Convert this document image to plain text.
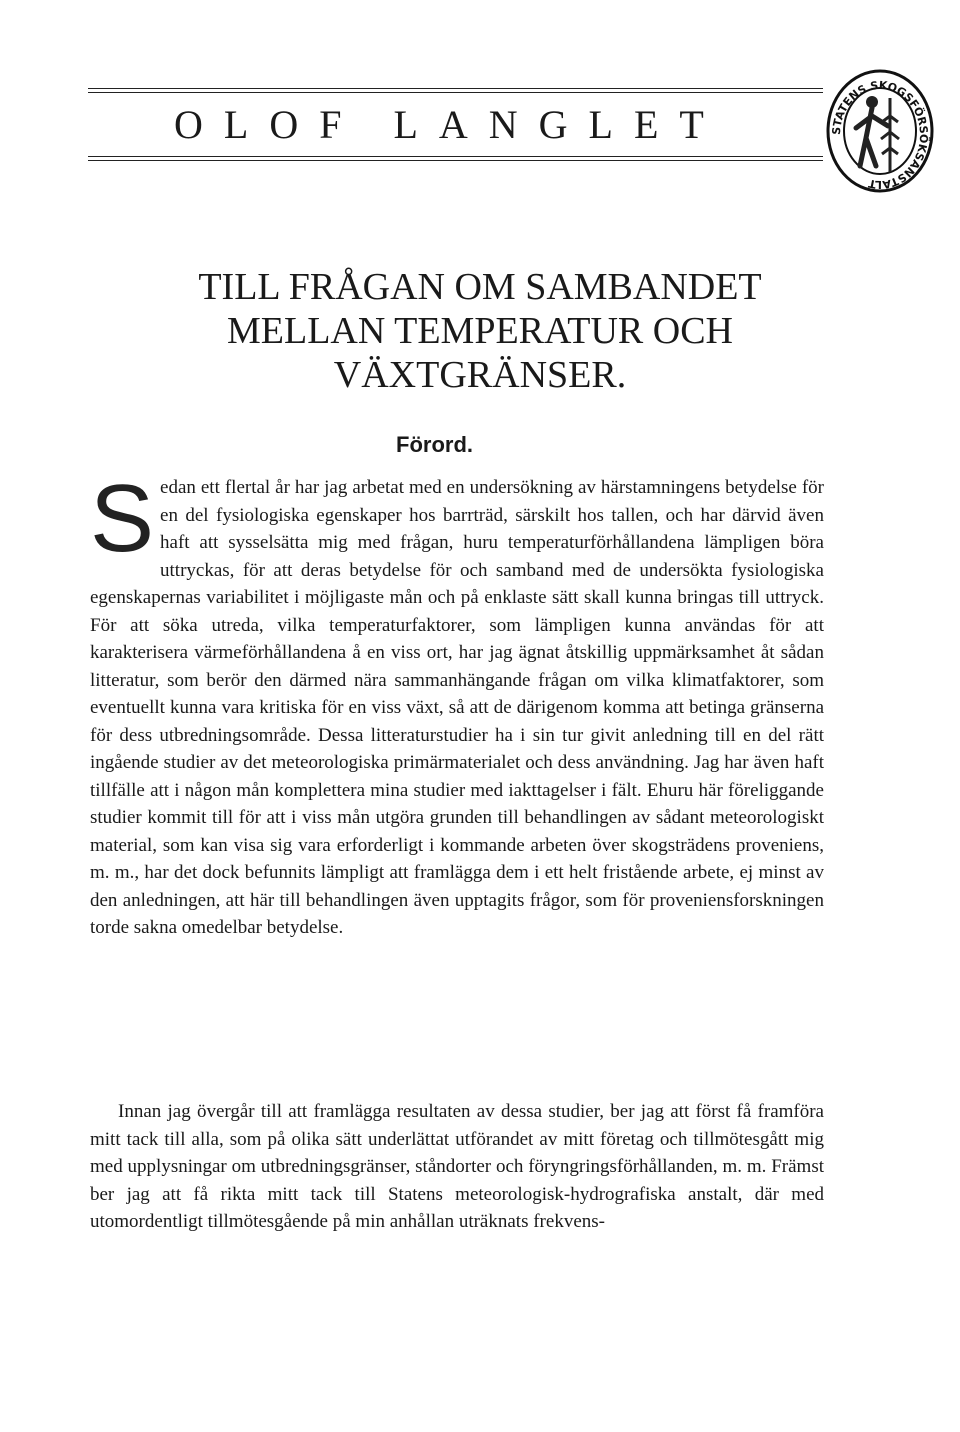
OLOF LANGLET	STATENS SKOGSFÖRSÖKSANSTALT
TILL FRÅGAN OM SAMBANDET
MELLAN TEMPERATUR OCH
VÄXTGRÄNSER.
Förord.

S edan ett flertal år har jag arbetat med en undersökning av härstamningens betydelse för en del fysiologiska egenskaper hos barrträd, särskilt hos tallen, och har därvid även haft att sysselsätta mig med frågan, huru temperaturförhållandena lämpligen böra uttryckas, för att deras betydelse för och samband med de undersökta fysiologiska egenskapernas variabilitet i möjligaste mån och på enklaste sätt skall kunna bringas till uttryck. För att söka utreda, vilka temperaturfaktorer, som lämpligen kunna användas för att karakterisera värmeförhållandena å en viss ort, har jag ägnat åtskillig uppmärksamhet åt sådan litteratur, som berör den därmed nära sammanhängande frågan om vilka klimatfaktorer, som eventuellt kunna vara kritiska för en viss växt, så att de därigenom komma att betinga gränserna för dess utbredningsområde. Dessa litteraturstudier ha i sin tur givit anledning till en del rätt ingående studier av det meteorologiska primärmaterialet och dess användning. Jag har även haft tillfälle att i någon mån komplettera mina studier med iakttagelser i fält. Ehuru här föreliggande studier kommit till för att i viss mån utgöra grunden till behandlingen av sådant meteorologiskt material, som kan visa sig vara erforderligt i kommande arbeten över skogsträdens proveniens, m. m., har det dock befunnits lämpligt att framlägga dem i ett helt fristående arbete, ej minst av den anledningen, att här till behandlingen även upptagits frågor, som för proveniensforskningen torde sakna omedelbar betydelse.

Innan jag övergår till att framlägga resultaten av dessa studier, ber jag att först få framföra mitt tack till alla, som på olika sätt underlättat utförandet av mitt företag och tillmötesgått mig med upplysningar om utbredningsgränser, ståndorter och föryngringsförhållanden, m. m. Främst ber jag att få rikta mitt tack till Statens meteorologisk-hydrografiska anstalt, där med utomordentligt tillmötesgående på min anhållan uträknats frekvens-
